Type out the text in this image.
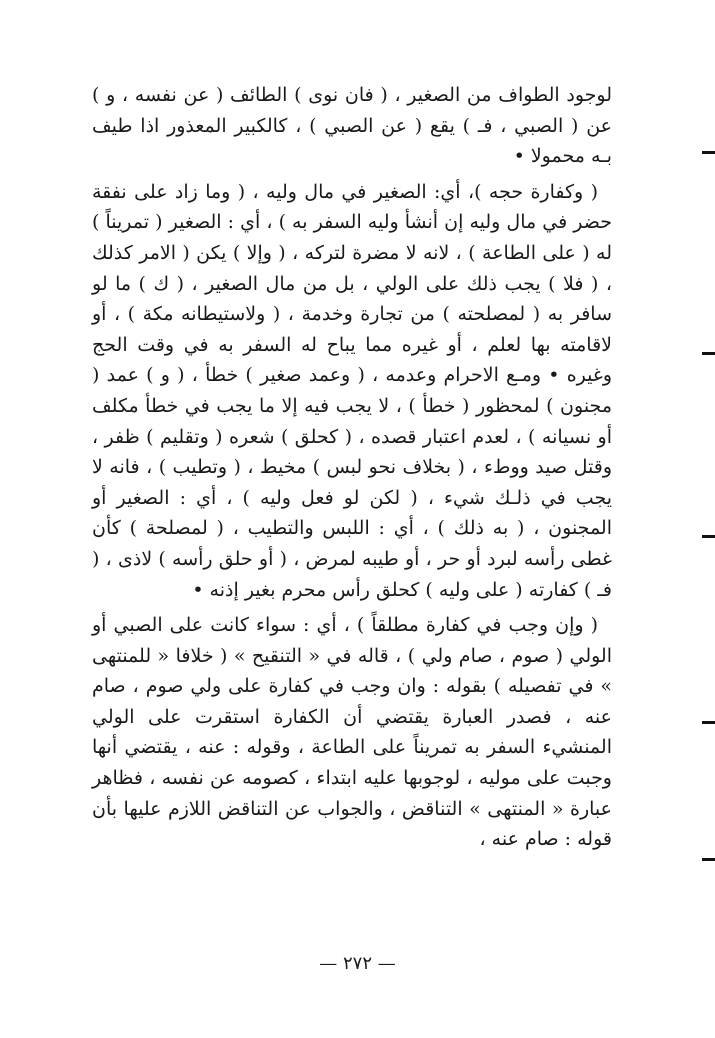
لوجود الطواف من الصغير ، ( فان نوى ) الطائف ( عن نفسه ، و ) عن ( الصبي ، فـ ) يقع ( عن الصبي ) ، كالكبير المعذور اذا طيف بـه محمولا •

( وكفارة حجه )، أي: الصغير في مال وليه ، ( وما زاد على نفقة حضر في مال وليه إن أنشأ وليه السفر به ) ، أي : الصغير ( تمريناً ) له ( على الطاعة ) ، لانه لا مضرة لتركه ، ( وإلا ) يكن ( الامر كذلك ، ( فلا ) يجب ذلك على الولي ، بل من مال الصغير ، ( ك ) ما لو سافر به ( لمصلحته ) من تجارة وخدمة ، ( ولاستيطانه مكة ) ، أو لاقامته بها لعلم ، أو غيره مما يباح له السفر به في وقت الحج وغيره • ومـع الاحرام وعدمه ، ( وعمد صغير ) خطأ ، ( و ) عمد ( مجنون ) لمحظور ( خطأ ) ، لا يجب فيه إلا ما يجب في خطأ مكلف أو نسيانه ) ، لعدم اعتبار قصده ، ( كحلق ) شعره ( وتقليم ) ظفر ، وقتل صيد ووطء ، ( بخلاف نحو لبس ) مخيط ، ( وتطيب ) ، فانه لا يجب في ذلـك شيء ، ( لكن لو فعل وليه ) ، أي : الصغير أو المجنون ، ( به ذلك ) ، أي : اللبس والتطيب ، ( لمصلحة ) كأن غطى رأسه لبرد أو حر ، أو طيبه لمرض ، ( أو حلق رأسه ) لاذى ، ( فـ ) كفارته ( على وليه ) كحلق رأس محرم بغير إذنه •

( وإن وجب في كفارة مطلقاً ) ، أي : سواء كانت على الصبي أو الولي ( صوم ، صام ولي ) ، قاله في « التنقيح » ( خلافا « للمنتهى » في تفصيله ) بقوله : وان وجب في كفارة على ولي صوم ، صام عنه ، فصدر العبارة يقتضي أن الكفارة استقرت على الولي المنشيء السفر به تمريناً على الطاعة ، وقوله : عنه ، يقتضي أنها وجبت على موليه ، لوجوبها عليه ابتداء ، كصومه عن نفسه ، فظاهر عبارة « المنتهى » التناقض ، والجواب عن التناقض اللازم عليها بأن قوله : صام عنه ،

— ٢٧٢ —
